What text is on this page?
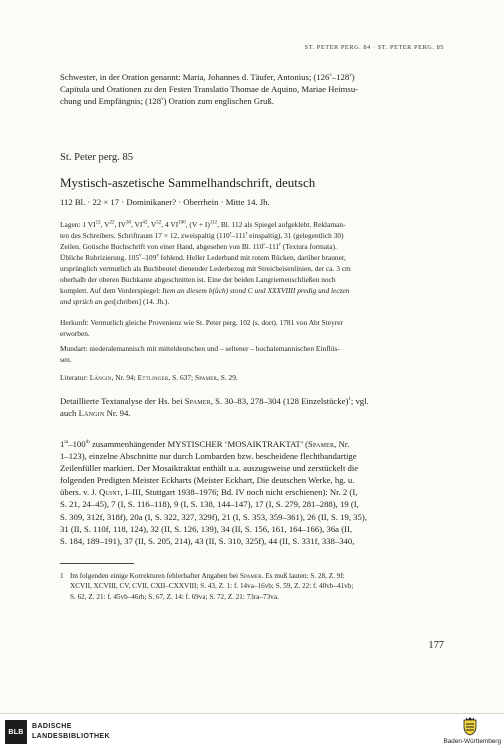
ST. PETER PERG. 84 · ST. PETER PERG. 85
Schwester, in der Oration genannt: Maria, Johannes d. Täufer, Antonius; (126$^v$–128$^v$)
Capitula und Orationen zu den Festen Translatio Thomae de Aquino, Mariae Heimsu-
chung und Empfängnis; (128$^v$) Oration zum englischen Gruß.
St. Peter perg. 85
Mystisch-aszetische Sammelhandschrift, deutsch
112 Bl. · 22 × 17 · Dominikaner? · Oberrhein · Mitte 14. Jh.
Lagen: 1 VI$^{12}$, $V^{22}$, IV$^{30}$, VI$^{42}$, $V^{52}$, 4 VI$^{100}$, $(V + I)^{112}$, Bl. 112 als Spiegel aufgeklebt. Reklaman-
ten des Schreibers. Schriftraum 17 × 12, zweispaltig (110$^r$–111$^r$ einspaltig), 31 (gelegentlich 30)
Zeilen. Gotische Buchschrift von einer Hand, abgesehen von Bl. 110$^r$–111$^r$ (Textura formata).
Übliche Rubrizierung, 105$^v$–109$^v$ fehlend. Heller Lederband mit rotem Rücken, darüber brauner,
ursprünglich vermutlich als Buchbeutel dienender Lederbezug mit Streicheisenlinien, der ca. 3 cm
oberhalb der oberen Buchkante abgeschnitten ist. Eine der beiden Langriemenschließen noch
komplett. Auf dem Vorderspiegel: Item an diesem b(ůch) stond C und XXXVIIII predig und leczen
und sprüch an ges[chriben] (14. Jh.).
Herkunft: Vermutlich gleiche Provenienz wie St. Peter perg. 102 (s. dort). 1781 von Abt Steyrer
erworben.
Mundart: niederalemannisch mit mitteldeutschen und – seltener – hochalemannischen Einflüs-
sen.
Literatur: Längin, Nr. 94; Ettlinger, S. 637; Spamer, S. 29.
Detaillierte Textanalyse der Hs. bei Spamer, S. 30–83, 278–304 (128 Einzelstücke)$^1$; vgl.
auch Längin Nr. 94.
$1^{ra}-100^{rb}$ zusammenhängender MYSTISCHER ‘MOSAIKTRAKTAT’ (Spamer, Nr.
1–123), einzelne Abschnitte nur durch Lombarden bzw. bescheidene flechtbandartige
Zeilenfüller markiert. Der Mosaiktraktat enthält u.a. auszugsweise und zerstückelt die
folgenden Predigten Meister Eckharts (Meister Eckhart, Die deutschen Werke, hg. u.
übers. v. J. Quint, I–III, Stuttgart 1938–1976; Bd. IV noch nicht erschienen): Nr. 2 (I,
S. 21, 24–45), 7 (I, S. 116–118), 9 (I, S. 138, 144–147), 17 (I, S. 279, 281–288), 19 (I,
S. 309, 312f, 318f), 20a (I, S. 322, 327, 329f), 21 (I, S. 353, 359–361), 26 (II, S. 19, 35),
31 (II, S. 110f, 118, 124), 32 (II, S. 126, 139), 34 (II, S. 156, 161, 164–166), 36a (II,
S. 184, 189–191), 37 (II, S. 205, 214), 43 (II, S. 310, 325f), 44 (II, S. 331f, 338–340,
1 Im folgenden einige Korrekturen fehlerhafter Angaben bei Spamer. Es muß lauten: S. 28, Z. 9f:
XCVII, XCVIII, CV, CVII, CXII–CXXVIII; S. 43, Z. 1: f. 14va–16vb; S. 59, Z. 22: f. 40vb–41vb;
S. 62, Z. 21: f. 45vb–46rb; S. 67, Z. 14: f. 69va; S. 72, Z. 21: 73ra–73va.
177
BLB
BADISCHE
LANDESBIBLIOTHEK
Baden-Württemberg
